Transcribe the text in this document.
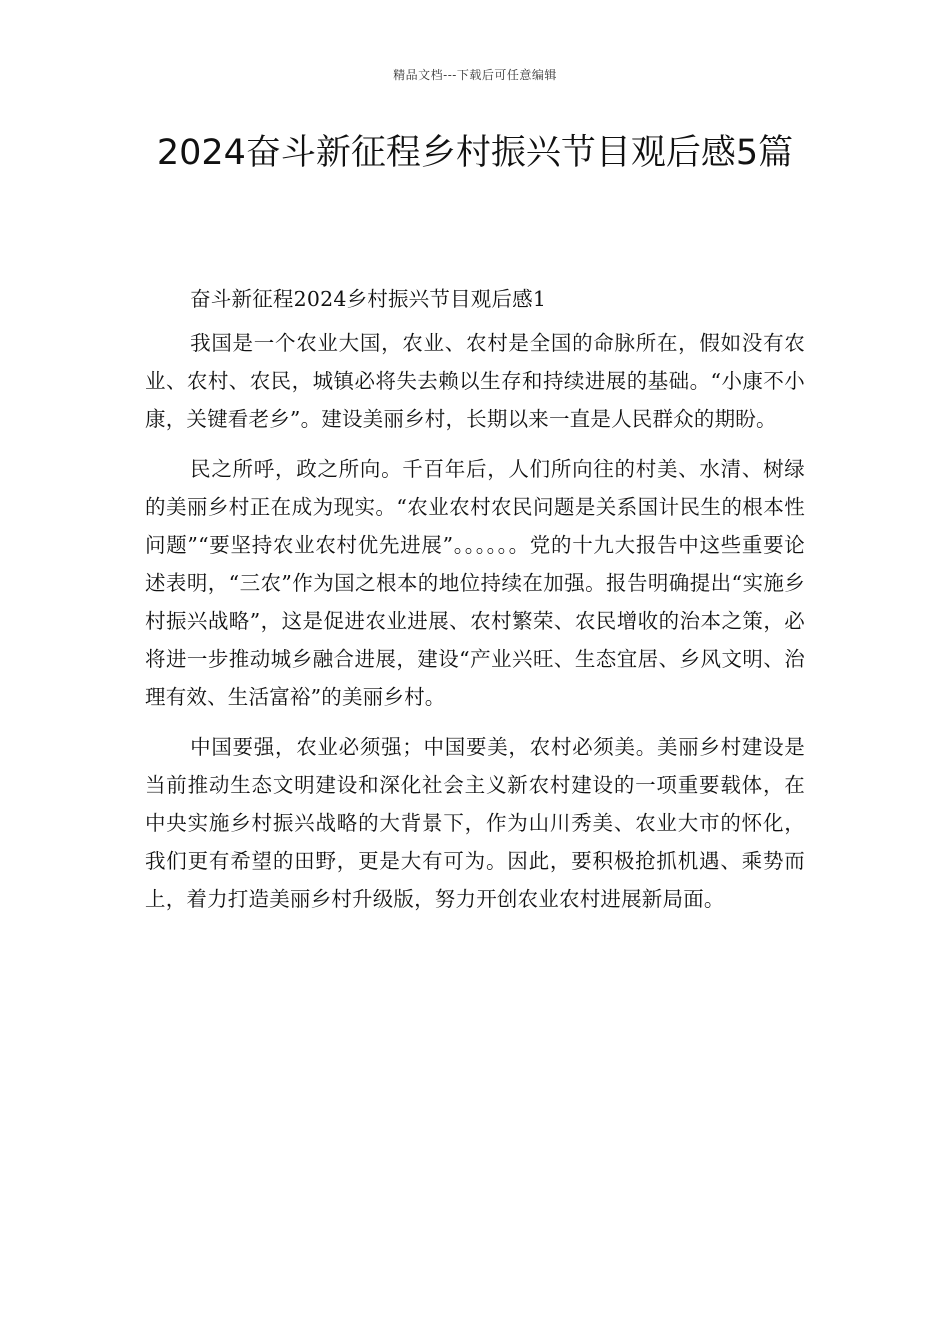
精品文档---下载后可任意编辑
2024奋斗新征程乡村振兴节目观后感5篇

奋斗新征程2024乡村振兴节目观后感1

我国是一个农业大国，农业、农村是全国的命脉所在，假如没有农业、农村、农民，城镇必将失去赖以生存和持续进展的基础。“小康不小康，关键看老乡”。建设美丽乡村，长期以来一直是人民群众的期盼。

民之所呼，政之所向。千百年后，人们所向往的村美、水清、树绿的美丽乡村正在成为现实。“农业农村农民问题是关系国计民生的根本性问题”“要坚持农业农村优先进展”。。。。。。党的十九大报告中这些重要论述表明，“三农”作为国之根本的地位持续在加强。报告明确提出“实施乡村振兴战略”，这是促进农业进展、农村繁荣、农民增收的治本之策，必将进一步推动城乡融合进展，建设“产业兴旺、生态宜居、乡风文明、治理有效、生活富裕”的美丽乡村。

中国要强，农业必须强；中国要美，农村必须美。美丽乡村建设是当前推动生态文明建设和深化社会主义新农村建设的一项重要载体，在中央实施乡村振兴战略的大背景下，作为山川秀美、农业大市的怀化，我们更有希望的田野，更是大有可为。因此，要积极抢抓机遇、乘势而上，着力打造美丽乡村升级版，努力开创农业农村进展新局面。
